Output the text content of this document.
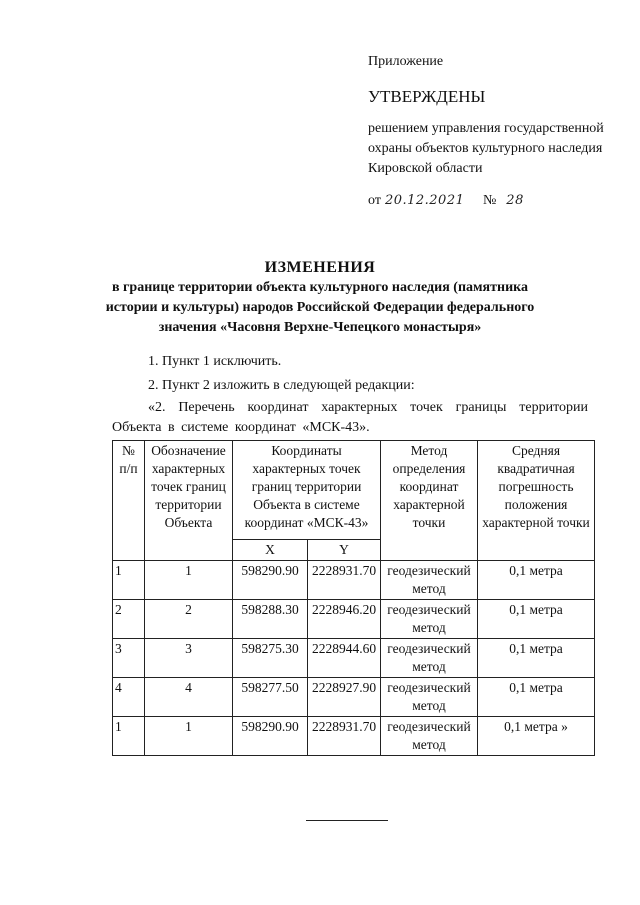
Приложение
УТВЕРЖДЕНЫ
решением управления государственной охраны объектов культурного наследия Кировской области
от 20.12.2021 № 28
ИЗМЕНЕНИЯ
в границе территории объекта культурного наследия (памятника истории и культуры) народов Российской Федерации федерального значения «Часовня Верхне-Чепецкого монастыря»
1. Пункт 1 исключить.
2. Пункт 2 изложить в следующей редакции:
«2. Перечень координат характерных точек границы территории Объекта в системе координат «МСК-43».
№ п/п	Обозначение характерных точек границ территории Объекта	Координаты характерных точек границ территории Объекта в системе координат «МСК-43»		Метод определения координат характерной точки	Средняя квадратичная погрешность положения характерной точки
		X	Y		
1	1	598290.90	2228931.70	геодезический метод	0,1 метра
2	2	598288.30	2228946.20	геодезический метод	0,1 метра
3	3	598275.30	2228944.60	геодезический метод	0,1 метра
4	4	598277.50	2228927.90	геодезический метод	0,1 метра
1	1	598290.90	2228931.70	геодезический метод	0,1 метра »
